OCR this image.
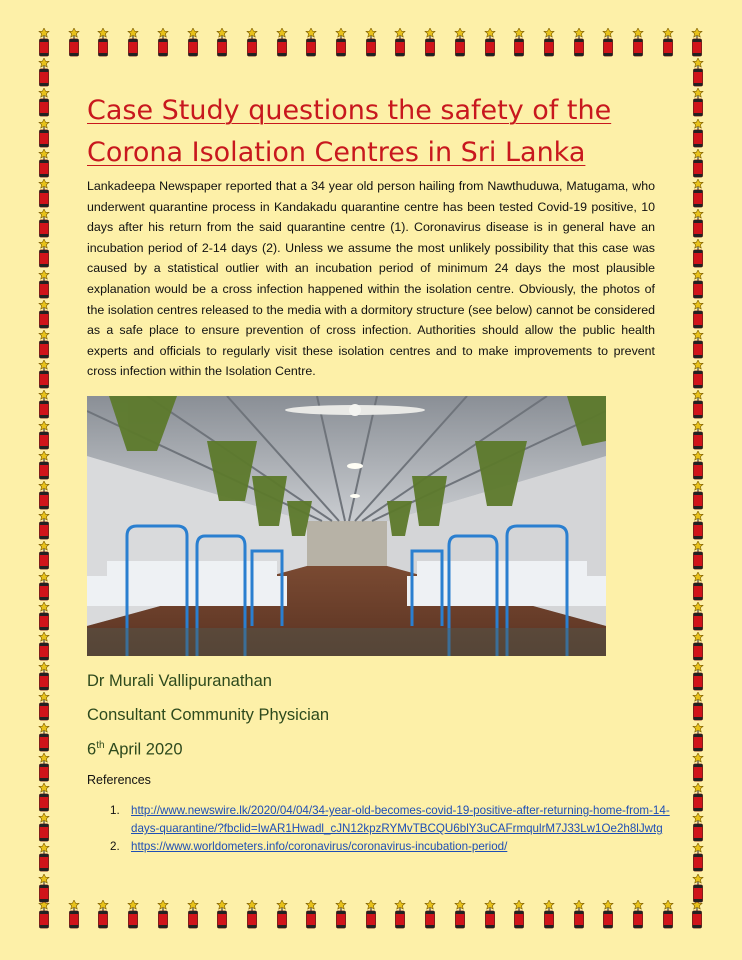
Case Study questions the safety of the Corona Isolation Centres in Sri Lanka

Lankadeepa Newspaper reported that a 34 year old person hailing from Nawthuduwa, Matugama, who underwent quarantine process in Kandakadu quarantine centre has been tested Covid-19 positive, 10 days after his return from the said quarantine centre (1). Coronavirus disease is in general have an incubation period of 2-14 days (2). Unless we assume the most unlikely possibility that this case was caused by a statistical outlier with an incubation period of minimum 24 days the most plausible explanation would be a cross infection happened within the isolation centre. Obviously, the photos of the isolation centres released to the media with a dormitory structure (see below) cannot be considered as a safe place to ensure prevention of cross infection. Authorities should allow the public health experts and officials to regularly visit these isolation centres and to make improvements to prevent cross infection within the Isolation Centre.

Dr Murali Vallipuranathan

Consultant Community Physician

6th April 2020

References

1. http://www.newswire.lk/2020/04/04/34-year-old-becomes-covid-19-positive-after-returning-home-from-14-days-quarantine/?fbclid=IwAR1Hwadl_cJN12kpzRYMvTBCQU6blY3uCAFrmqulrM7J33Lw1Oe2h8lJwtg
2. https://www.worldometers.info/coronavirus/coronavirus-incubation-period/
